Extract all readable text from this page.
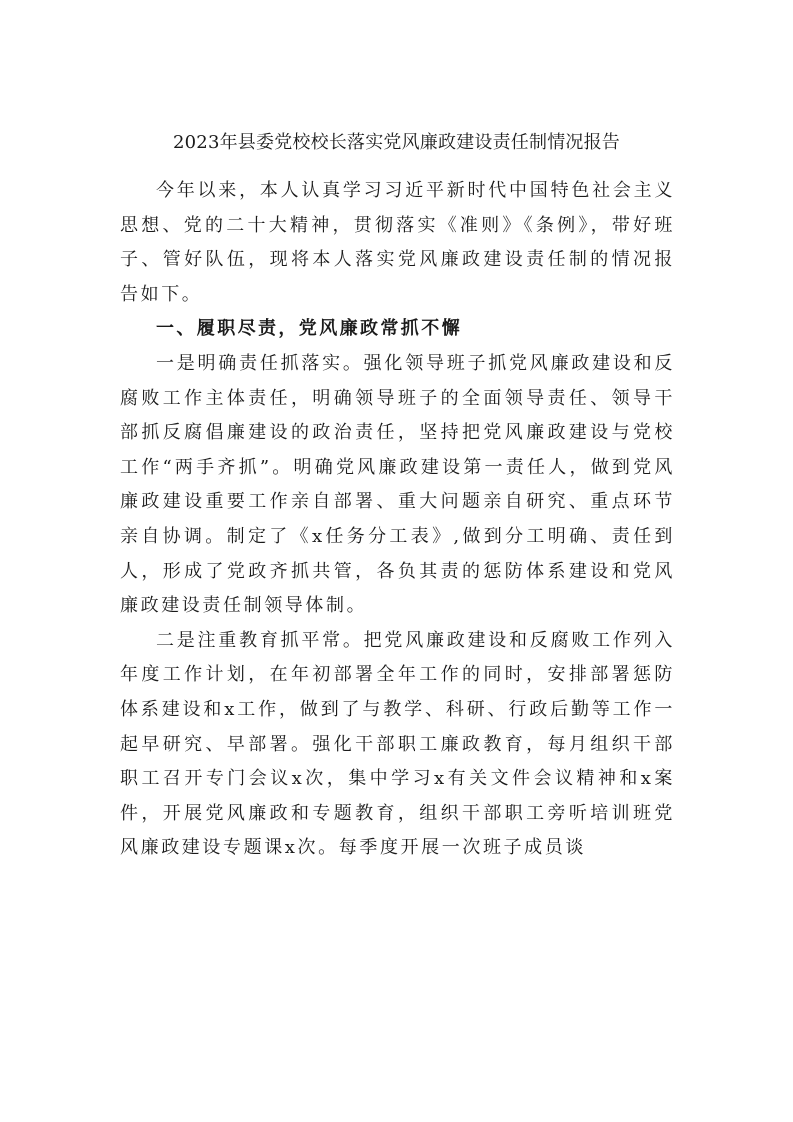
2023年县委党校校长落实党风廉政建设责任制情况报告

今年以来，本人认真学习习近平新时代中国特色社会主义思想、党的二十大精神，贯彻落实《准则》《条例》，带好班子、管好队伍，现将本人落实党风廉政建设责任制的情况报告如下。

一、履职尽责，党风廉政常抓不懈

一是明确责任抓落实。强化领导班子抓党风廉政建设和反腐败工作主体责任，明确领导班子的全面领导责任、领导干部抓反腐倡廉建设的政治责任，坚持把党风廉政建设与党校工作“两手齐抓”。明确党风廉政建设第一责任人，做到党风廉政建设重要工作亲自部署、重大问题亲自研究、重点环节亲自协调。制定了《x任务分工表》,做到分工明确、责任到人，形成了党政齐抓共管，各负其责的惩防体系建设和党风廉政建设责任制领导体制。

二是注重教育抓平常。把党风廉政建设和反腐败工作列入年度工作计划，在年初部署全年工作的同时，安排部署惩防体系建设和x工作，做到了与教学、科研、行政后勤等工作一起早研究、早部署。强化干部职工廉政教育，每月组织干部职工召开专门会议x次，集中学习x有关文件会议精神和x案件，开展党风廉政和专题教育，组织干部职工旁听培训班党风廉政建设专题课x次。每季度开展一次班子成员谈
